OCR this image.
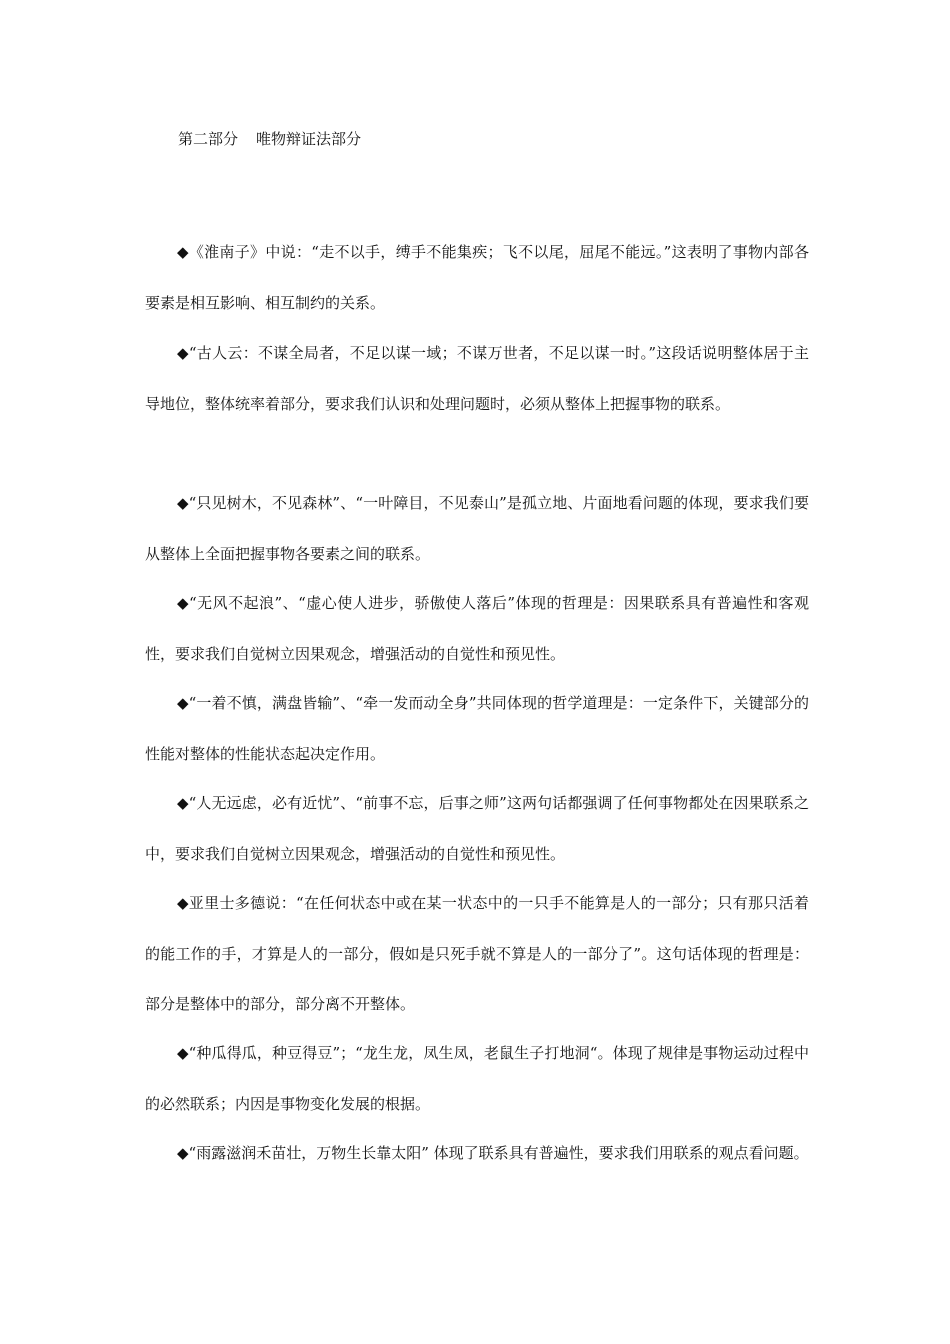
第二部分 唯物辩证法部分

◆《淮南子》中说：“走不以手，缚手不能集疾；飞不以尾，屈尾不能远。”这表明了事物内部各要素是相互影响、相互制约的关系。

◆“古人云：不谋全局者，不足以谋一域；不谋万世者，不足以谋一时。”这段话说明整体居于主导地位，整体统率着部分，要求我们认识和处理问题时，必须从整体上把握事物的联系。

◆“只见树木，不见森林”、“一叶障目，不见泰山”是孤立地、片面地看问题的体现，要求我们要从整体上全面把握事物各要素之间的联系。

◆“无风不起浪”、“虚心使人进步，骄傲使人落后”体现的哲理是：因果联系具有普遍性和客观性，要求我们自觉树立因果观念，增强活动的自觉性和预见性。

◆“一着不慎，满盘皆输”、“牵一发而动全身”共同体现的哲学道理是：一定条件下，关键部分的性能对整体的性能状态起决定作用。

◆“人无远虑，必有近忧”、“前事不忘，后事之师”这两句话都强调了任何事物都处在因果联系之中，要求我们自觉树立因果观念，增强活动的自觉性和预见性。

◆亚里士多德说：“在任何状态中或在某一状态中的一只手不能算是人的一部分；只有那只活着的能工作的手，才算是人的一部分，假如是只死手就不算是人的一部分了”。这句话体现的哲理是：部分是整体中的部分，部分离不开整体。

◆“种瓜得瓜，种豆得豆”；“龙生龙，凤生凤，老鼠生子打地洞“。体现了规律是事物运动过程中的必然联系；内因是事物变化发展的根据。

◆“雨露滋润禾苗壮，万物生长靠太阳” 体现了联系具有普遍性，要求我们用联系的观点看问题。
